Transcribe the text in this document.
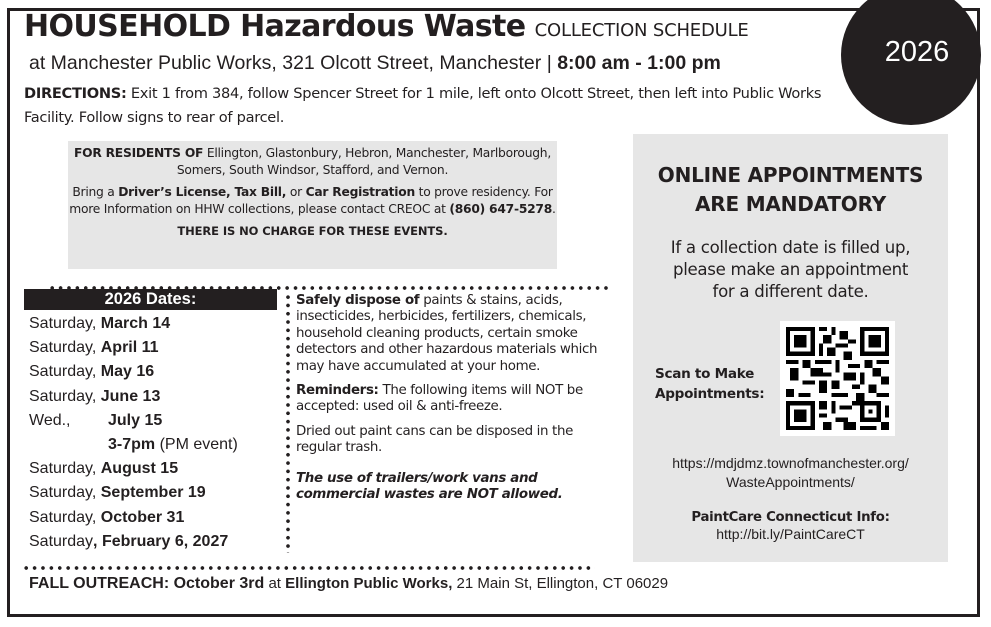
2026
HOUSEHOLD Hazardous Waste COLLECTION SCHEDULE
at Manchester Public Works, 321 Olcott Street, Manchester | 8:00 am - 1:00 pm
DIRECTIONS: Exit 1 from 384, follow Spencer Street for 1 mile, left onto Olcott Street, then left into Public Works Facility. Follow signs to rear of parcel.

FOR RESIDENTS OF Ellington, Glastonbury, Hebron, Manchester, Marlborough, Somers, South Windsor, Stafford, and Vernon.

Bring a Driver’s License, Tax Bill, or Car Registration to prove residency. For more Information on HHW collections, please contact CREOC at (860) 647-5278.

THERE IS NO CHARGE FOR THESE EVENTS.

2026 Dates:
Saturday, March 14
Saturday, April 11
Saturday, May 16
Saturday, June 13
Wed., July 15
3-7pm (PM event)
Saturday, August 15
Saturday, September 19
Saturday, October 31
Saturday, February 6, 2027

Safely dispose of paints & stains, acids, insecticides, herbicides, fertilizers, chemicals, household cleaning products, certain smoke detectors and other hazardous materials which may have accumulated at your home.

Reminders: The following items will NOT be accepted: used oil & anti-freeze.

Dried out paint cans can be disposed in the regular trash.

The use of trailers/work vans and commercial wastes are NOT allowed.

ONLINE APPOINTMENTS
ARE MANDATORY
If a collection date is filled up,
please make an appointment
for a different date.
Scan to Make
Appointments:
https://mdjdmz.townofmanchester.org/
WasteAppointments/
PaintCare Connecticut Info:
http://bit.ly/PaintCareCT
FALL OUTREACH: October 3rd at Ellington Public Works, 21 Main St, Ellington, CT 06029
